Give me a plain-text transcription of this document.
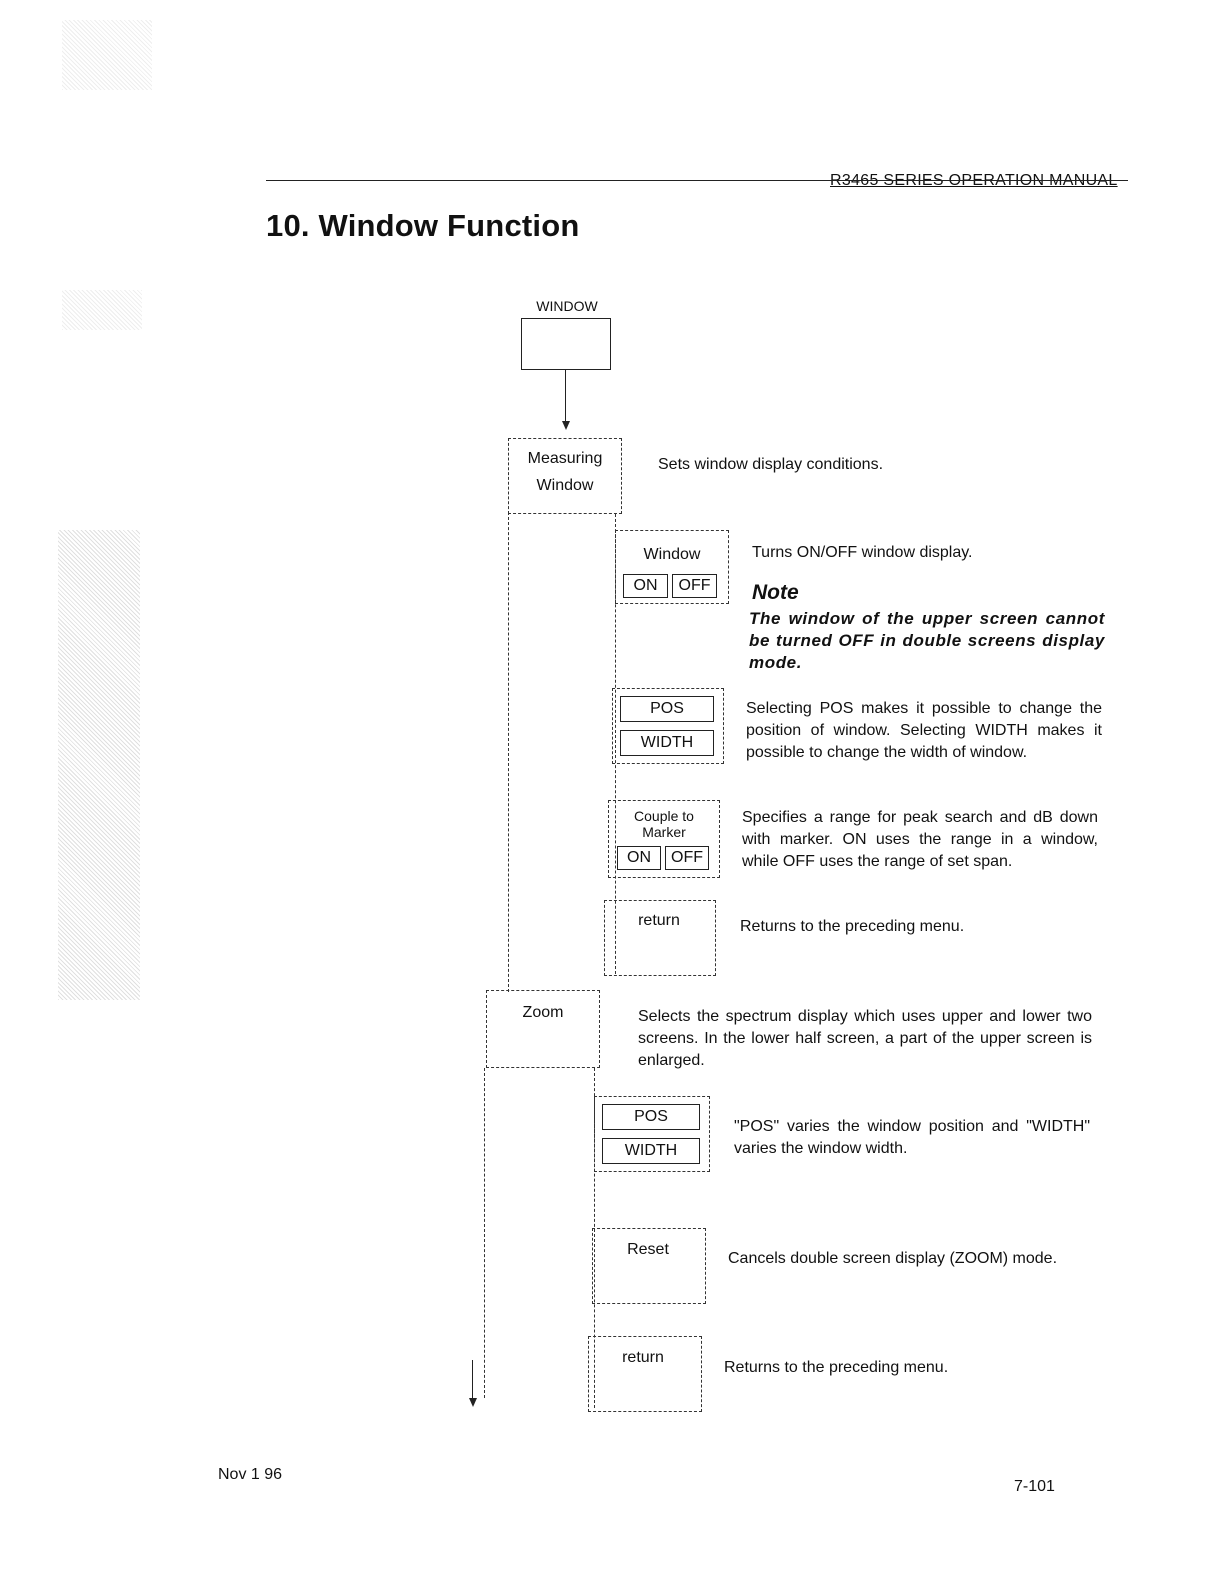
R3465 SERIES OPERATION MANUAL
10. Window Function
WINDOW
Measuring
Window
Sets window display conditions.
Window
ON	OFF
Turns ON/OFF window display.
Note
The window of the upper screen cannot be turned OFF in double screens display mode.
POS
WIDTH
Selecting POS makes it possible to change the position of window. Selecting WIDTH makes it possible to change the width of window.
Couple to
Marker
ON	OFF
Specifies a range for peak search and dB down with marker. ON uses the range in a window, while OFF uses the range of set span.
return	Returns to the preceding menu.
Zoom	Selects the spectrum display which uses upper and lower two screens. In the lower half screen, a part of the upper screen is enlarged.
POS
WIDTH
"POS" varies the window position and "WIDTH" varies the window width.
Reset
Cancels double screen display (ZOOM) mode.
return
Returns to the preceding menu.
Nov 1 96
7-101
